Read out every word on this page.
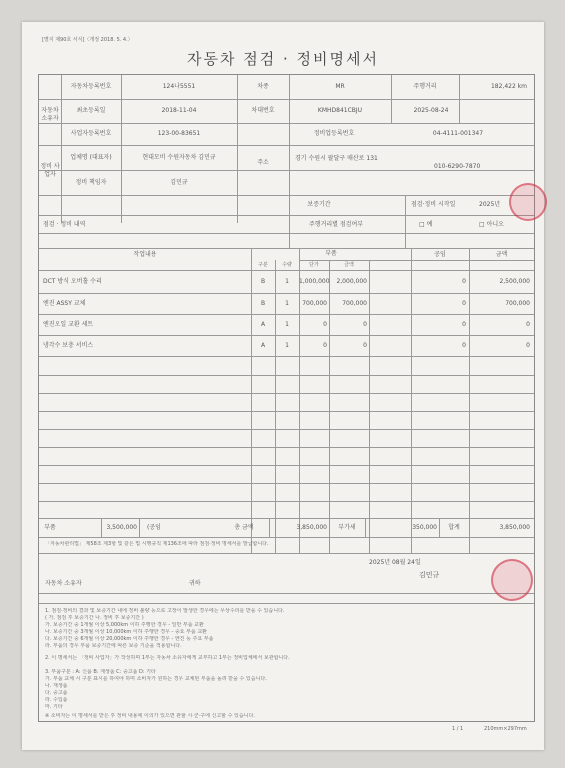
[별지 제90호 서식]〈개정 2018. 5. 4.〉
자동차 점검 · 정비명세서
자동차 소유자
자동차등록번호	124나5551	차종	MR	주행거리	182,422 km
최초등록일	2018-11-04	차대번호	KMHD841CBJU	2025-08-24
정비 사업자
사업자등록번호	123-00-83651	정비업등록번호	04-4111-001347
업체명 (대표자)	현대모비 수원자동차 김민규
주소
경기 수원시 팔달구 매산로 131
010-6290-7870
정비 책임자	김민규
보증기간	점검·정비 시작일	2025년
점검 · 정비 내역	주행거리별 점검여부	□ 예	□ 아니오
작업내용	부품	공임	금액
구분	수량	단가	금액
DCT 방식 오버홀 수리	B	1	1,000,000	2,000,000	0	2,500,000
엔진 ASSY 교체	B	1	700,000	700,000	0	700,000
엔진오일 교환 세트	A	1	0	0	0	0
냉각수 보충 서비스	A	1	0	0	0	0
부품	3,500,000	(공임	총 금액	3,850,000	부가세	350,000	합계	3,850,000
「자동차관리법」 제58조 제3항 및 같은 법 시행규칙 제136조에 따라 점검·정비 명세서를 발급합니다.
2025년 08월 24일
김민규
자동차 소유자	귀하
1. 점검·정비의 결과 및 보증기간 내에 정비 불량 등으로 고장이 발생한 경우에는 무상수리를 받을 수 있습니다.
( 가. 점검 후 보증기간 나. 정비 후 보증기간 )
가. 보증기간 중 1개월 이상 5,000km 이하 주행한 경우 - 일반 부품 교환
나. 보증기간 중 3개월 이상 10,000km 이하 주행한 경우 - 중요 부품 교환
다. 보증기간 중 6개월 이상 20,000km 이하 주행한 경우 - 엔진 등 주요 부품
라. 부품의 경우 부품 보증기간에 따른 보증 기준을 적용합니다.
2. 이 명세서는 「정비 사업자」가 작성하며 1부는 자동차 소유자에게 교부하고 1부는 정비업체에서 보관합니다.
3. 부품구분 : A: 신품 B: 재생품 C: 중고품 D: 기타
가. 부품 교체 시 구분 표시를 하여야 하며 소비자가 원하는 경우 교체된 부품을 돌려 받을 수 있습니다.
나. 재생품
다. 중고품
라. 수입품
마. 기타
※ 소비자는 이 명세서를 받은 후 정비 내용에 이의가 있으면 관할 시·군·구에 신고할 수 있습니다.
1 / 1	210mm×297mm
